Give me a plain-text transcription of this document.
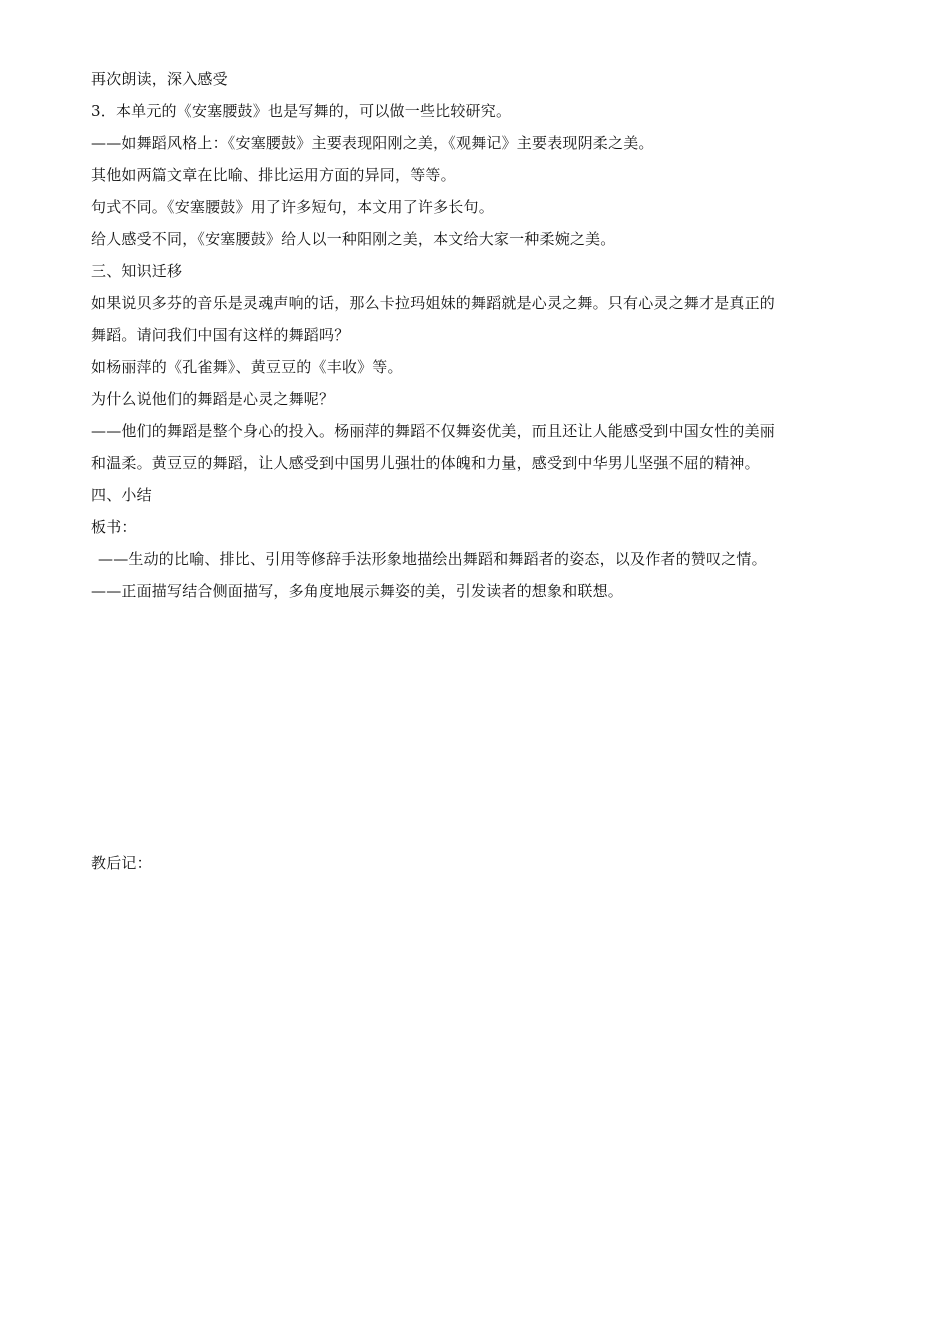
再次朗读，深入感受
3．本单元的《安塞腰鼓》也是写舞的，可以做一些比较研究。
——如舞蹈风格上：《安塞腰鼓》主要表现阳刚之美，《观舞记》主要表现阴柔之美。
其他如两篇文章在比喻、排比运用方面的异同，等等。
句式不同。《安塞腰鼓》用了许多短句，本文用了许多长句。
给人感受不同，《安塞腰鼓》给人以一种阳刚之美，本文给大家一种柔婉之美。
三、知识迁移
如果说贝多芬的音乐是灵魂声响的话，那么卡拉玛姐妹的舞蹈就是心灵之舞。只有心灵之舞才是真正的
舞蹈。请问我们中国有这样的舞蹈吗？
如杨丽萍的《孔雀舞》、黄豆豆的《丰收》等。
为什么说他们的舞蹈是心灵之舞呢？
——他们的舞蹈是整个身心的投入。杨丽萍的舞蹈不仅舞姿优美，而且还让人能感受到中国女性的美丽
和温柔。黄豆豆的舞蹈，让人感受到中国男儿强壮的体魄和力量，感受到中华男儿坚强不屈的精神。
四、小结
板书：
——生动的比喻、排比、引用等修辞手法形象地描绘出舞蹈和舞蹈者的姿态，以及作者的赞叹之情。
——正面描写结合侧面描写，多角度地展示舞姿的美，引发读者的想象和联想。
教后记：
